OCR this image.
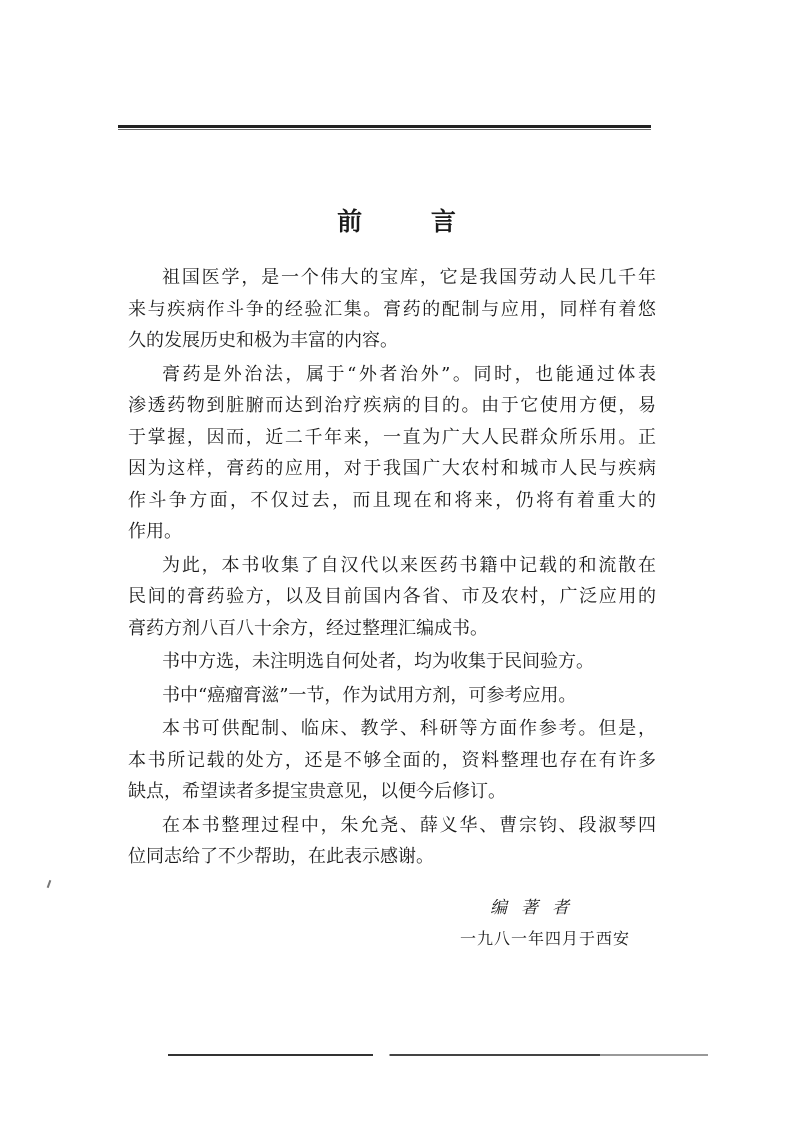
前 言
祖国医学，是一个伟大的宝库，它是我国劳动人民几千年
来与疾病作斗争的经验汇集。膏药的配制与应用，同样有着悠
久的发展历史和极为丰富的内容。
膏药是外治法，属于“外者治外”。同时，也能通过体表
渗透药物到脏腑而达到治疗疾病的目的。由于它使用方便，易
于掌握，因而，近二千年来，一直为广大人民群众所乐用。正
因为这样，膏药的应用，对于我国广大农村和城市人民与疾病
作斗争方面，不仅过去，而且现在和将来，仍将有着重大的
作用。
为此，本书收集了自汉代以来医药书籍中记载的和流散在
民间的膏药验方，以及目前国内各省、市及农村，广泛应用的
膏药方剂八百八十余方，经过整理汇编成书。
书中方选，未注明选自何处者，均为收集于民间验方。
书中“癌瘤膏滋”一节，作为试用方剂，可参考应用。
本书可供配制、临床、教学、科研等方面作参考。但是，
本书所记载的处方，还是不够全面的，资料整理也存在有许多
缺点，希望读者多提宝贵意见，以便今后修订。
在本书整理过程中，朱允尧、薛义华、曹宗钧、段淑琴四
位同志给了不少帮助，在此表示感谢。
编著者
一九八一年四月于西安
